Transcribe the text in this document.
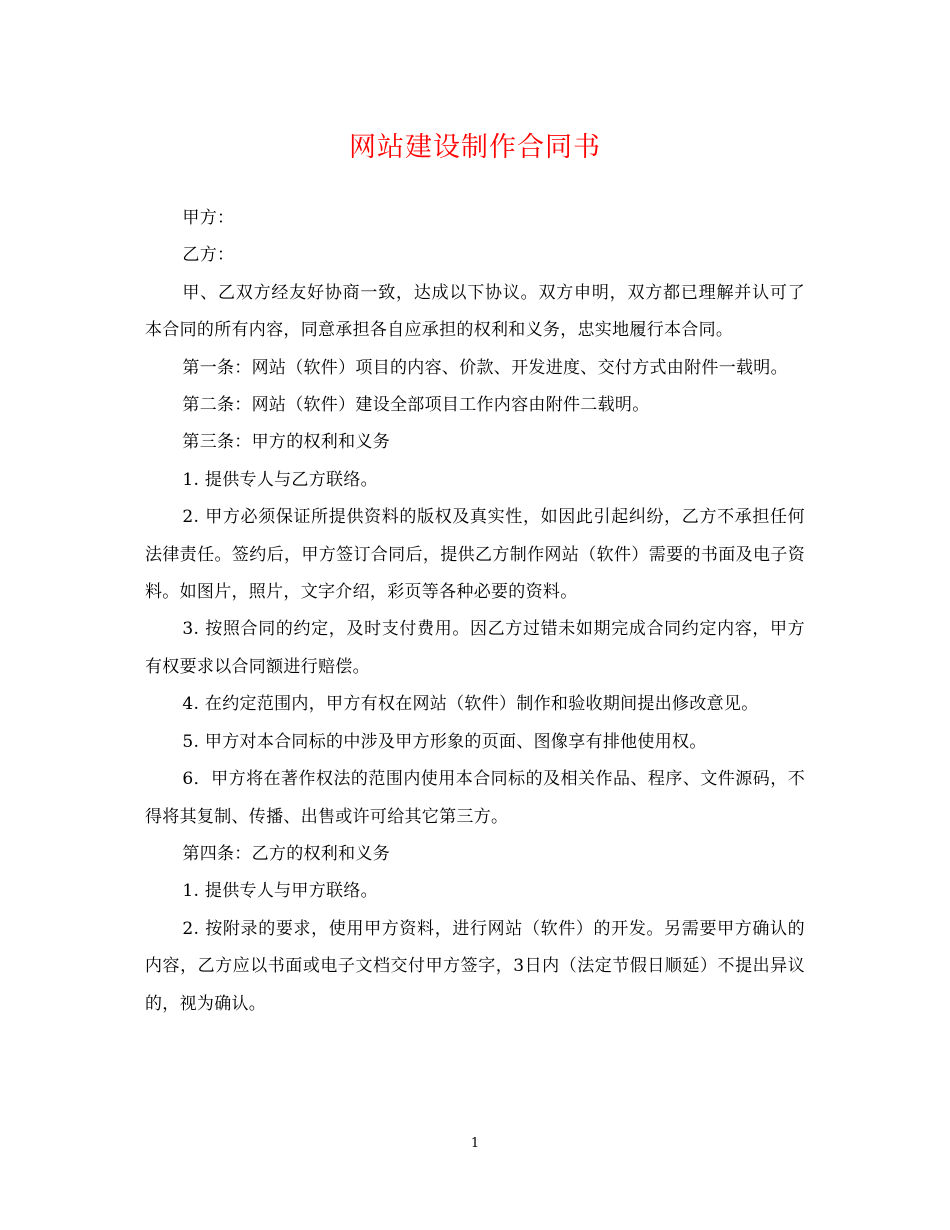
网站建设制作合同书

甲方：

乙方：

甲、乙双方经友好协商一致，达成以下协议。双方申明，双方都已理解并认可了本合同的所有内容，同意承担各自应承担的权利和义务，忠实地履行本合同。

第一条：网站（软件）项目的内容、价款、开发进度、交付方式由附件一载明。

第二条：网站（软件）建设全部项目工作内容由附件二载明。

第三条：甲方的权利和义务

1. 提供专人与乙方联络。

2. 甲方必须保证所提供资料的版权及真实性，如因此引起纠纷，乙方不承担任何法律责任。签约后，甲方签订合同后，提供乙方制作网站（软件）需要的书面及电子资料。如图片，照片，文字介绍，彩页等各种必要的资料。

3. 按照合同的约定，及时支付费用。因乙方过错未如期完成合同约定内容，甲方有权要求以合同额进行赔偿。

4. 在约定范围内，甲方有权在网站（软件）制作和验收期间提出修改意见。

5. 甲方对本合同标的中涉及甲方形象的页面、图像享有排他使用权。

6．甲方将在著作权法的范围内使用本合同标的及相关作品、程序、文件源码，不得将其复制、传播、出售或许可给其它第三方。

第四条：乙方的权利和义务

1. 提供专人与甲方联络。

2. 按附录的要求，使用甲方资料，进行网站（软件）的开发。另需要甲方确认的内容，乙方应以书面或电子文档交付甲方签字，3日内（法定节假日顺延）不提出异议的，视为确认。

1
